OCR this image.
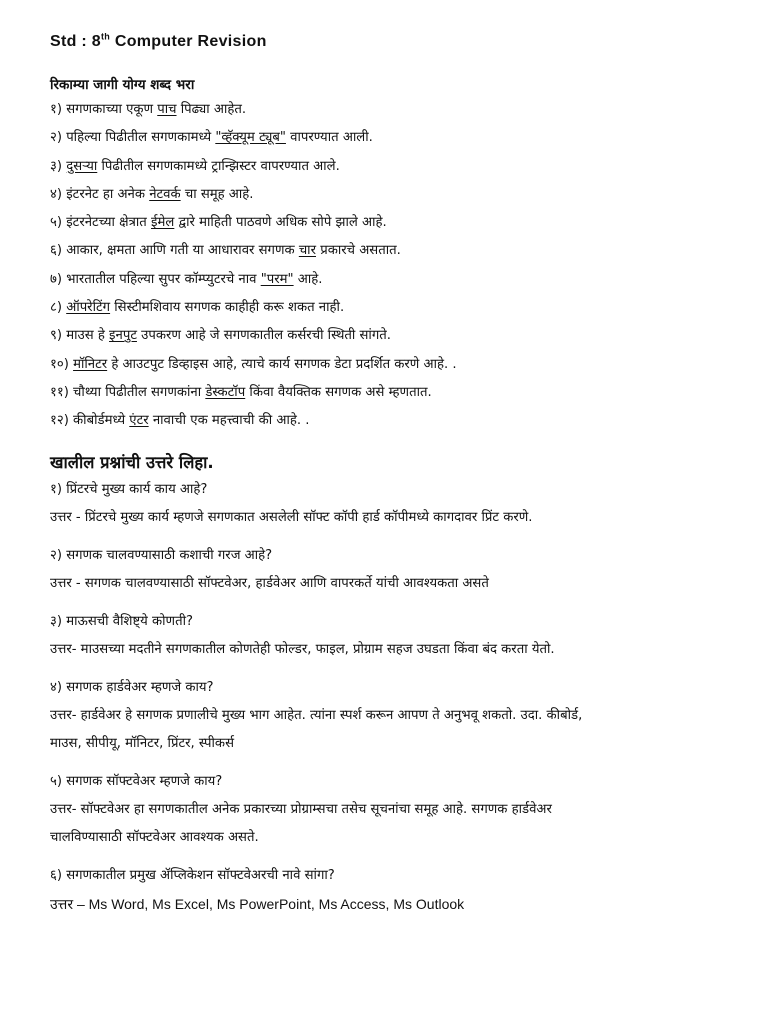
Std : 8th Computer Revision
रिकाम्या जागी योग्य शब्द भरा
१) सगणकाच्या एकूण पाच पिढ्या आहेत.
२) पहिल्या पिढीतील सगणकामध्ये "व्हॅक्यूम ट्यूब" वापरण्यात आली.
३) दुसऱ्या पिढीतील सगणकामध्ये ट्रान्झिस्टर वापरण्यात आले.
४) इंटरनेट हा अनेक नेटवर्क चा समूह आहे.
५) इंटरनेटच्या क्षेत्रात ईमेल द्वारे माहिती पाठवणे अधिक सोपे झाले आहे.
६) आकार, क्षमता आणि गती या आधारावर सगणक चार प्रकारचे असतात.
७) भारतातील पहिल्या सुपर कॉम्प्युटरचे नाव "परम" आहे.
८) ऑपरेटिंग सिस्टीमशिवाय सगणक काहीही करू शकत नाही.
९) माउस हे इनपुट उपकरण आहे जे सगणकातील कर्सरची स्थिती सांगते.
१०) मॉनिटर हे आउटपुट डिव्हाइस आहे, त्याचे कार्य सगणक डेटा प्रदर्शित करणे आहे. .
११) चौथ्या पिढीतील सगणकांना डेस्कटॉप किंवा वैयक्तिक सगणक असे म्हणतात.
१२) कीबोर्डमध्ये एंटर नावाची एक महत्त्वाची की आहे. .
खालील प्रश्नांची उत्तरे लिहा.
१) प्रिंटरचे मुख्य कार्य काय आहे?
उत्तर - प्रिंटरचे मुख्य कार्य म्हणजे सगणकात असलेली सॉफ्ट कॉपी हार्ड कॉपीमध्ये कागदावर प्रिंट करणे.
२) सगणक चालवण्यासाठी कशाची गरज आहे?
उत्तर - सगणक चालवण्यासाठी सॉफ्टवेअर, हार्डवेअर आणि वापरकर्ते यांची आवश्यकता असते
३) माऊसची वैशिष्ट्ये कोणती?
उत्तर- माउसच्या मदतीने सगणकातील कोणतेही फोल्डर, फाइल, प्रोग्राम सहज उघडता किंवा बंद करता येतो.
४) सगणक हार्डवेअर म्हणजे काय?
उत्तर- हार्डवेअर हे सगणक प्रणालीचे मुख्य भाग आहेत. त्यांना स्पर्श करून आपण ते अनुभवू शकतो. उदा. कीबोर्ड,
माउस, सीपीयू, मॉनिटर, प्रिंटर, स्पीकर्स
५) सगणक सॉफ्टवेअर म्हणजे काय?
उत्तर- सॉफ्टवेअर हा सगणकातील अनेक प्रकारच्या प्रोग्राम्सचा तसेच सूचनांचा समूह आहे. सगणक हार्डवेअर
चालविण्यासाठी सॉफ्टवेअर आवश्यक असते.
६) सगणकातील प्रमुख ॲप्लिकेशन सॉफ्टवेअरची नावे सांगा?
उत्तर – Ms Word, Ms Excel, Ms PowerPoint, Ms Access, Ms Outlook
